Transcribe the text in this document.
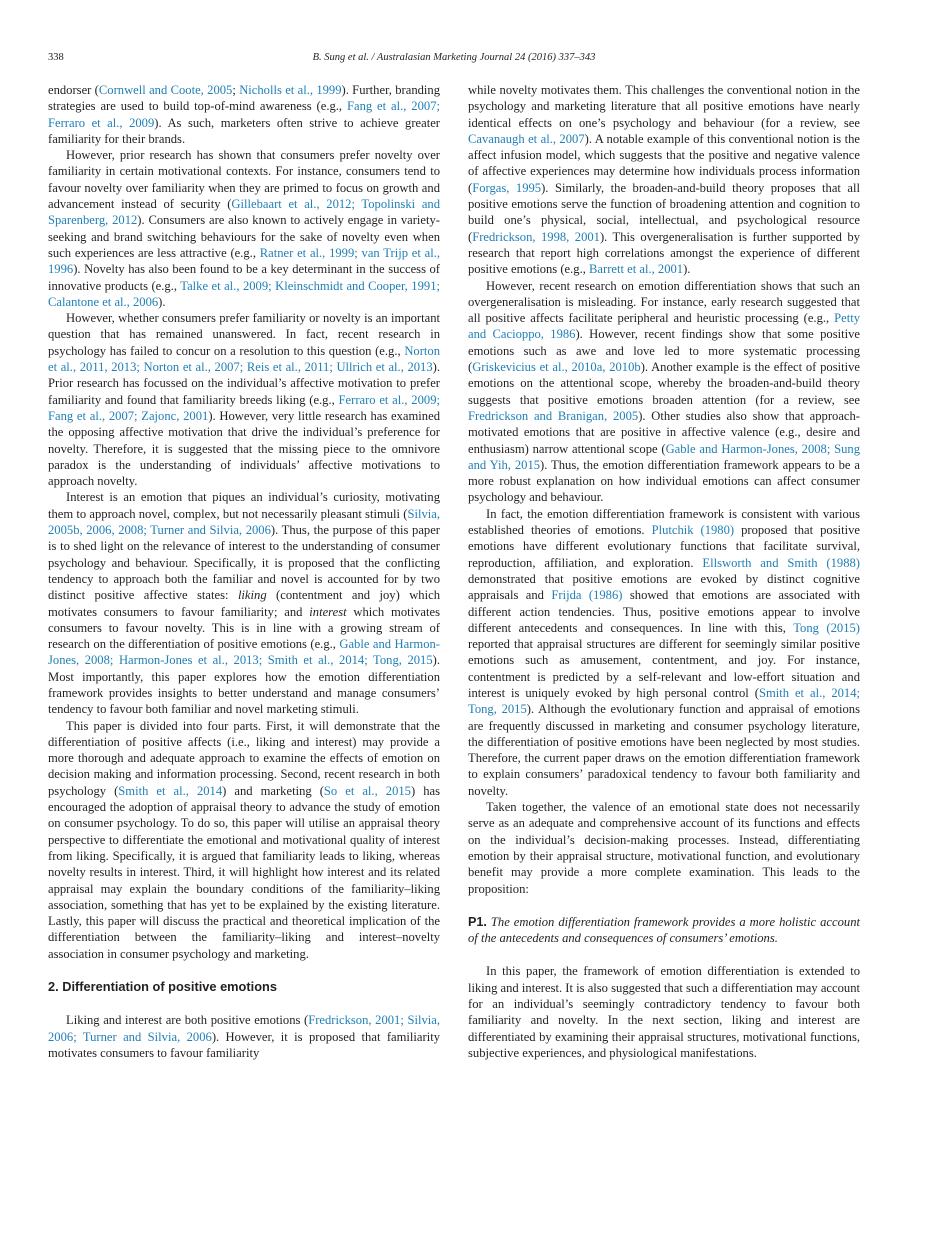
338	B. Sung et al. / Australasian Marketing Journal 24 (2016) 337–343

endorser (Cornwell and Coote, 2005; Nicholls et al., 1999). Further, branding strategies are used to build top-of-mind awareness (e.g., Fang et al., 2007; Ferraro et al., 2009). As such, marketers often strive to achieve greater familiarity for their brands.

However, prior research has shown that consumers prefer novelty over familiarity in certain motivational contexts. For instance, consumers tend to favour novelty over familiarity when they are primed to focus on growth and advancement instead of security (Gillebaart et al., 2012; Topolinski and Sparenberg, 2012). Consumers are also known to actively engage in variety-seeking and brand switching behaviours for the sake of novelty even when such experiences are less attractive (e.g., Ratner et al., 1999; van Trijp et al., 1996). Novelty has also been found to be a key determinant in the success of innovative products (e.g., Talke et al., 2009; Kleinschmidt and Cooper, 1991; Calantone et al., 2006).

However, whether consumers prefer familiarity or novelty is an important question that has remained unanswered. In fact, recent research in psychology has failed to concur on a resolution to this question (e.g., Norton et al., 2011, 2013; Norton et al., 2007; Reis et al., 2011; Ullrich et al., 2013). Prior research has focussed on the individual’s affective motivation to prefer familiarity and found that familiarity breeds liking (e.g., Ferraro et al., 2009; Fang et al., 2007; Zajonc, 2001). However, very little research has examined the opposing affective motivation that drive the individual’s preference for novelty. Therefore, it is suggested that the missing piece to the omnivore paradox is the understanding of individuals’ affective motivations to approach novelty.

Interest is an emotion that piques an individual’s curiosity, motivating them to approach novel, complex, but not necessarily pleasant stimuli (Silvia, 2005b, 2006, 2008; Turner and Silvia, 2006). Thus, the purpose of this paper is to shed light on the relevance of interest to the understanding of consumer psychology and behaviour. Specifically, it is proposed that the conflicting tendency to approach both the familiar and novel is accounted for by two distinct positive affective states: liking (contentment and joy) which motivates consumers to favour familiarity; and interest which motivates consumers to favour novelty. This is in line with a growing stream of research on the differentiation of positive emotions (e.g., Gable and Harmon-Jones, 2008; Harmon-Jones et al., 2013; Smith et al., 2014; Tong, 2015). Most importantly, this paper explores how the emotion differentiation framework provides insights to better understand and manage consumers’ tendency to favour both familiar and novel marketing stimuli.

This paper is divided into four parts. First, it will demonstrate that the differentiation of positive affects (i.e., liking and interest) may provide a more thorough and adequate approach to examine the effects of emotion on decision making and information processing. Second, recent research in both psychology (Smith et al., 2014) and marketing (So et al., 2015) has encouraged the adoption of appraisal theory to advance the study of emotion on consumer psychology. To do so, this paper will utilise an appraisal theory perspective to differentiate the emotional and motivational quality of interest from liking. Specifically, it is argued that familiarity leads to liking, whereas novelty results in interest. Third, it will highlight how interest and its related appraisal may explain the boundary conditions of the familiarity–liking association, something that has yet to be explained by the existing literature. Lastly, this paper will discuss the practical and theoretical implication of the differentiation between the familiarity–liking and interest–novelty association in consumer psychology and marketing.

2. Differentiation of positive emotions

Liking and interest are both positive emotions (Fredrickson, 2001; Silvia, 2006; Turner and Silvia, 2006). However, it is proposed that familiarity motivates consumers to favour familiarity

while novelty motivates them. This challenges the conventional notion in the psychology and marketing literature that all positive emotions have nearly identical effects on one’s psychology and behaviour (for a review, see Cavanaugh et al., 2007). A notable example of this conventional notion is the affect infusion model, which suggests that the positive and negative valence of affective experiences may determine how individuals process information (Forgas, 1995). Similarly, the broaden-and-build theory proposes that all positive emotions serve the function of broadening attention and cognition to build one’s physical, social, intellectual, and psychological resource (Fredrickson, 1998, 2001). This overgeneralisation is further supported by research that report high correlations amongst the experience of different positive emotions (e.g., Barrett et al., 2001).

However, recent research on emotion differentiation shows that such an overgeneralisation is misleading. For instance, early research suggested that all positive affects facilitate peripheral and heuristic processing (e.g., Petty and Cacioppo, 1986). However, recent findings show that some positive emotions such as awe and love led to more systematic processing (Griskevicius et al., 2010a, 2010b). Another example is the effect of positive emotions on the attentional scope, whereby the broaden-and-build theory suggests that positive emotions broaden attention (for a review, see Fredrickson and Branigan, 2005). Other studies also show that approach-motivated emotions that are positive in affective valence (e.g., desire and enthusiasm) narrow attentional scope (Gable and Harmon-Jones, 2008; Sung and Yih, 2015). Thus, the emotion differentiation framework appears to be a more robust explanation on how individual emotions can affect consumer psychology and behaviour.

In fact, the emotion differentiation framework is consistent with various established theories of emotions. Plutchik (1980) proposed that positive emotions have different evolutionary functions that facilitate survival, reproduction, affiliation, and exploration. Ellsworth and Smith (1988) demonstrated that positive emotions are evoked by distinct cognitive appraisals and Frijda (1986) showed that emotions are associated with different action tendencies. Thus, positive emotions appear to involve different antecedents and consequences. In line with this, Tong (2015) reported that appraisal structures are different for seemingly similar positive emotions such as amusement, contentment, and joy. For instance, contentment is predicted by a self-relevant and low-effort situation and interest is uniquely evoked by high personal control (Smith et al., 2014; Tong, 2015). Although the evolutionary function and appraisal of emotions are frequently discussed in marketing and consumer psychology literature, the differentiation of positive emotions have been neglected by most studies. Therefore, the current paper draws on the emotion differentiation framework to explain consumers’ paradoxical tendency to favour both familiarity and novelty.

Taken together, the valence of an emotional state does not necessarily serve as an adequate and comprehensive account of its functions and effects on the individual’s decision-making processes. Instead, differentiating emotion by their appraisal structure, motivational function, and evolutionary benefit may provide a more complete examination. This leads to the proposition:

P1. The emotion differentiation framework provides a more holistic account of the antecedents and consequences of consumers’ emotions.

In this paper, the framework of emotion differentiation is extended to liking and interest. It is also suggested that such a differentiation may account for an individual’s seemingly contradictory tendency to favour both familiarity and novelty. In the next section, liking and interest are differentiated by examining their appraisal structures, motivational functions, subjective experiences, and physiological manifestations.
